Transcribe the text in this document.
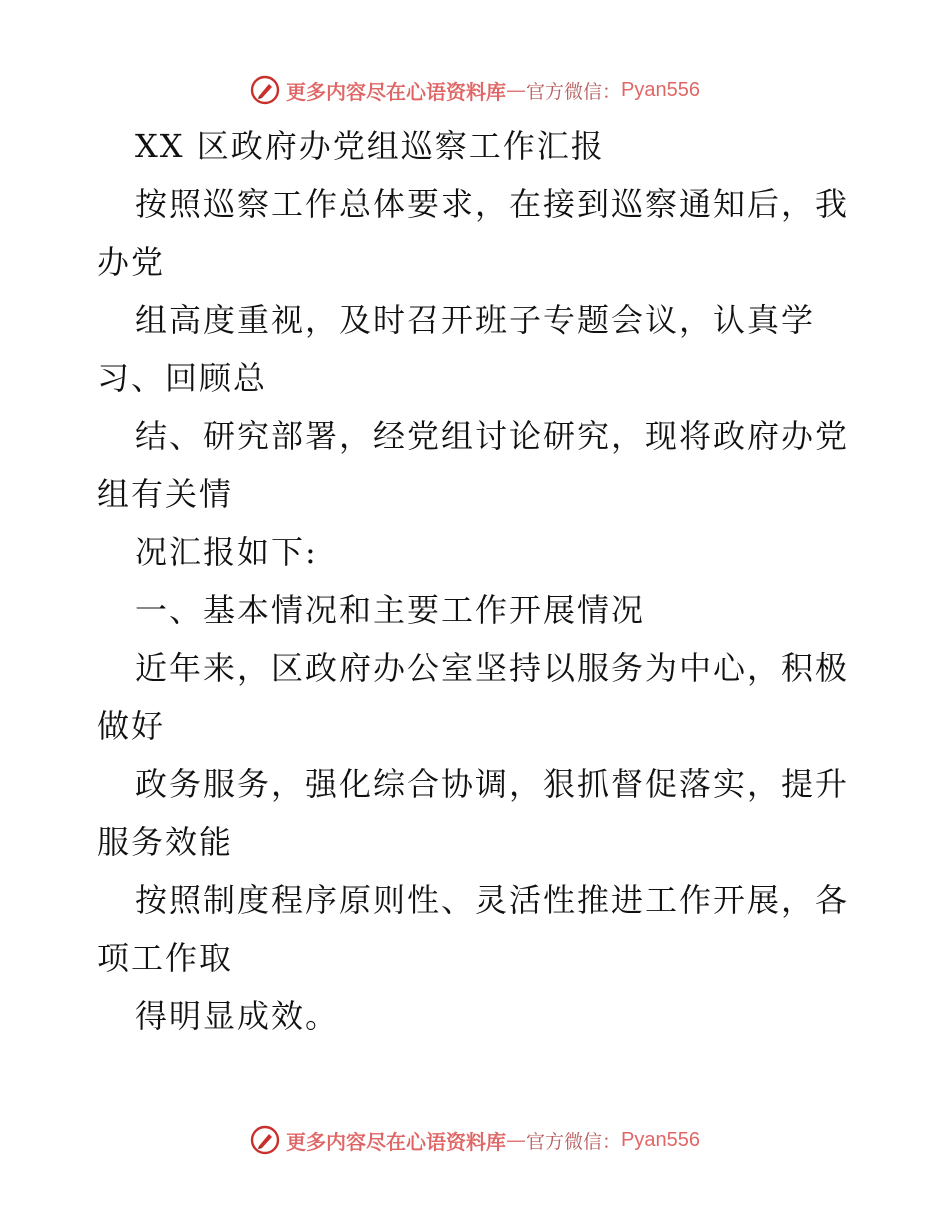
更多内容尽在心语资料库 — 官方微信： Pyan556
XX 区政府办党组巡察工作汇报
按照巡察工作总体要求，在接到巡察通知后，我
办党
组高度重视，及时召开班子专题会议，认真学
习、回顾总
结、研究部署，经党组讨论研究，现将政府办党
组有关情
况汇报如下:
一、基本情况和主要工作开展情况
近年来，区政府办公室坚持以服务为中心，积极
做好
政务服务，强化综合协调，狠抓督促落实，提升
服务效能
按照制度程序原则性、灵活性推进工作开展，各
项工作取
得明显成效。
更多内容尽在心语资料库 — 官方微信： Pyan556
